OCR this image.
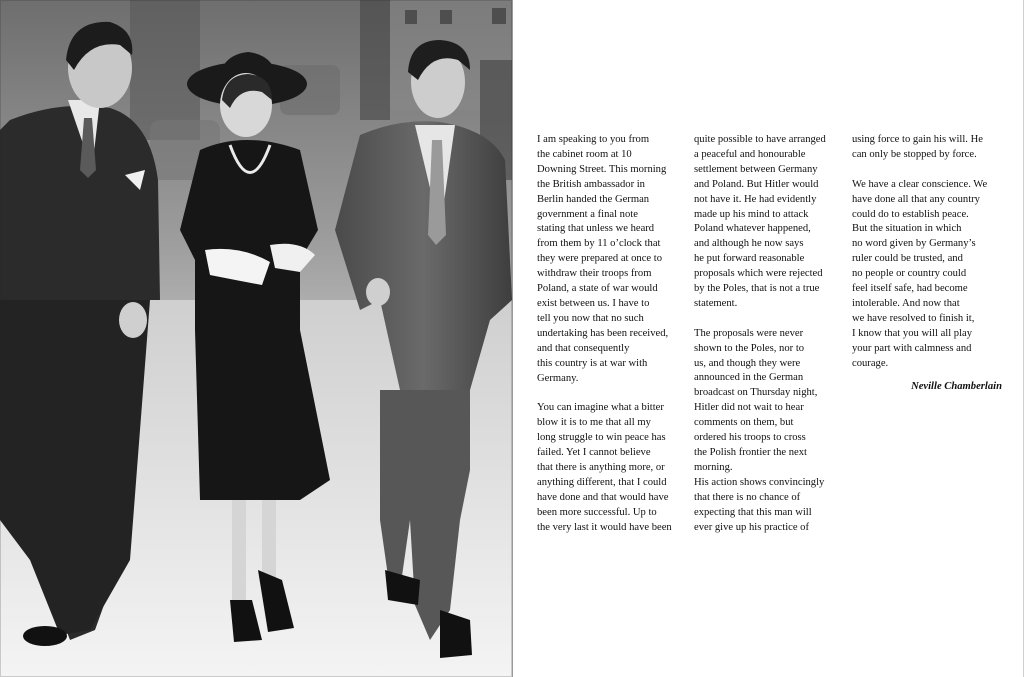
I am speaking to you from
the cabinet room at 10
Downing Street. This morning
the British ambassador in
Berlin handed the German
government a final note
stating that unless we heard
from them by 11 o’clock that
they were prepared at once to
withdraw their troops from
Poland, a state of war would
exist between us. I have to
tell you now that no such
undertaking has been received,
and that consequently
this country is at war with
Germany.

You can imagine what a bitter
blow it is to me that all my
long struggle to win peace has
failed. Yet I cannot believe
that there is anything more, or
anything different, that I could
have done and that would have
been more successful. Up to
the very last it would have been

quite possible to have arranged
a peaceful and honourable
settlement between Germany
and Poland. But Hitler would
not have it. He had evidently
made up his mind to attack
Poland whatever happened,
and although he now says
he put forward reasonable
proposals which were rejected
by the Poles, that is not a true
statement.

The proposals were never
shown to the Poles, nor to
us, and though they were
announced in the German
broadcast on Thursday night,
Hitler did not wait to hear
comments on them, but
ordered his troops to cross
the Polish frontier the next
morning.

His action shows convincingly
that there is no chance of
expecting that this man will
ever give up his practice of

using force to gain his will. He
can only be stopped by force.

We have a clear conscience. We
have done all that any country
could do to establish peace.
But the situation in which
no word given by Germany’s
ruler could be trusted, and
no people or country could
feel itself safe, had become
intolerable. And now that
we have resolved to finish it,
I know that you will all play
your part with calmness and
courage.

Neville Chamberlain
